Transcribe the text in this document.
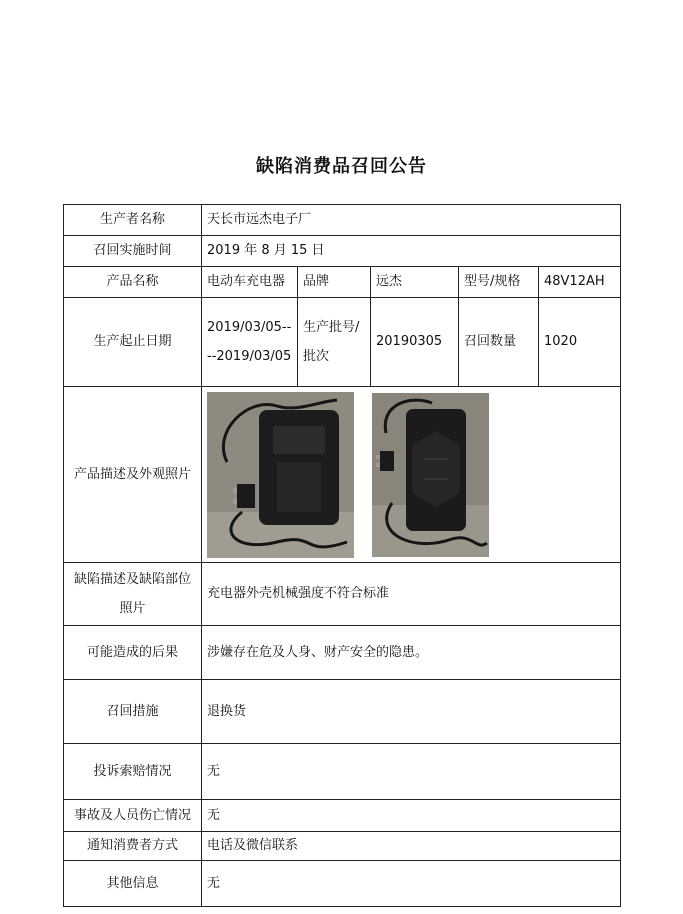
缺陷消费品召回公告
生产者名称	天长市远杰电子厂				
召回实施时间	2019 年 8 月 15 日				
产品名称	电动车充电器	品牌	远杰	型号/规格	48V12AH
生产起止日期	2019/03/05----2019/03/05	生产批号/批次	20190305	召回数量	1020
产品描述及外观照片	

缺陷描述及缺陷部位照片	充电器外壳机械强度不符合标准				
可能造成的后果	涉嫌存在危及人身、财产安全的隐患。				
召回措施	退换货				
投诉索赔情况	无				
事故及人员伤亡情况	无				
通知消费者方式	电话及微信联系				
其他信息	无				
